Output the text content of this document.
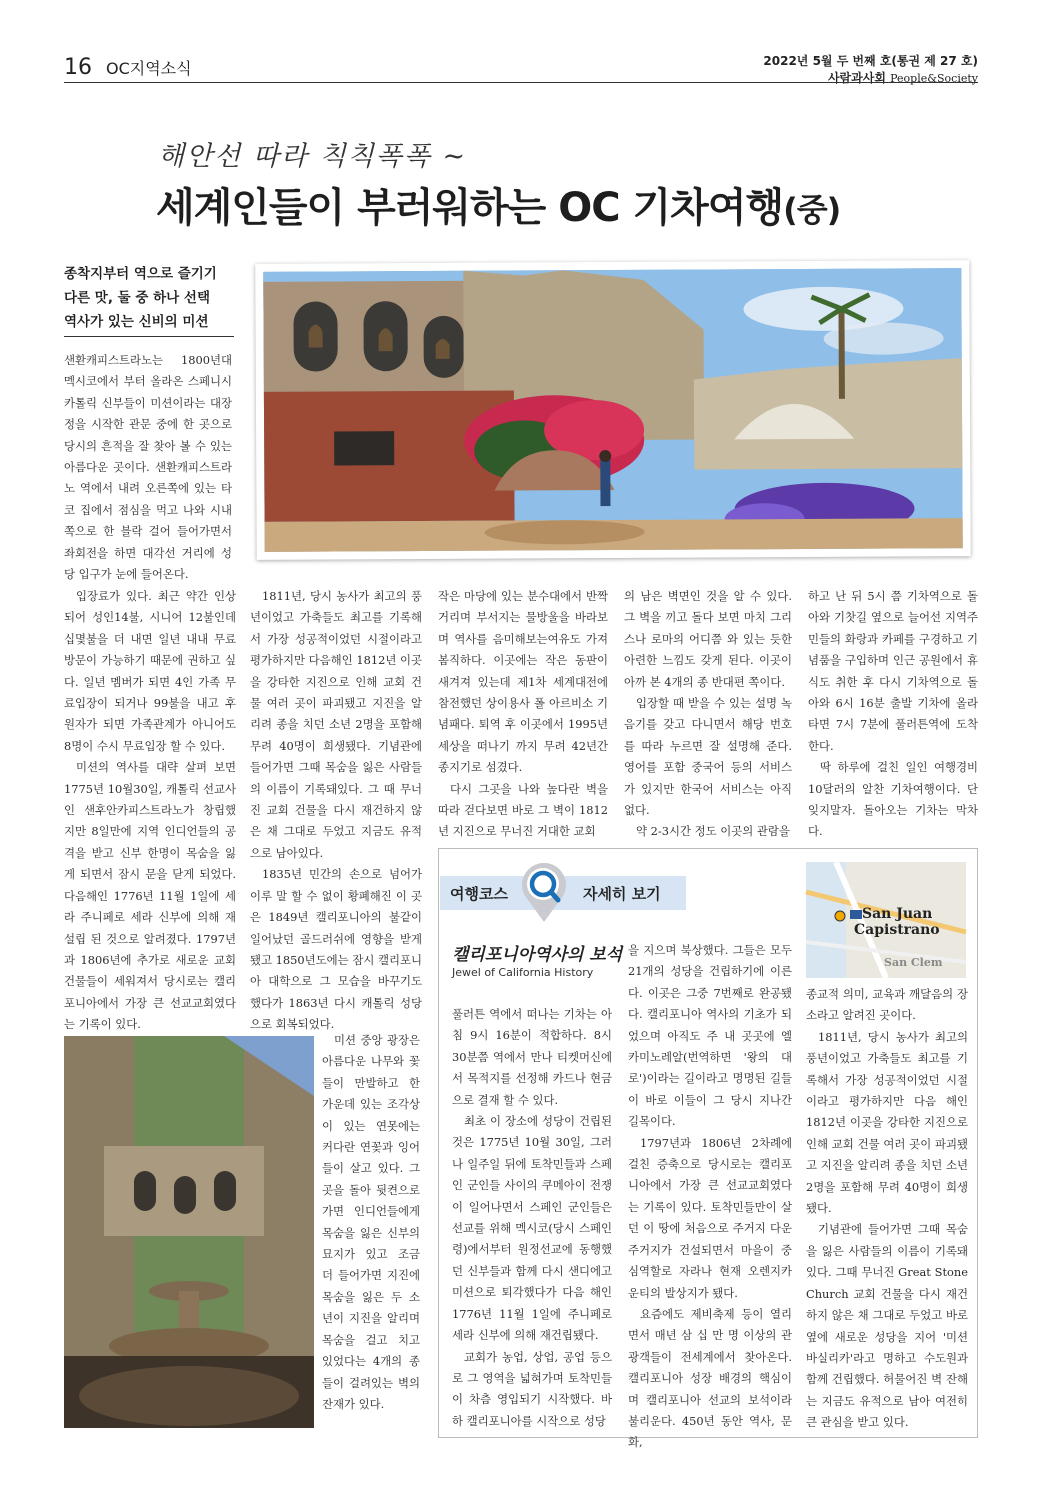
16 OC지역소식	2022년 5월 두 번째 호(통권 제 27 호)
사람과사회 People&Society
해안선 따라 칙칙폭폭 ~
세계인들이 부러워하는 OC 기차여행(중)
종착지부터 역으로 즐기기
다른 맛, 둘 중 하나 선택
역사가 있는 신비의 미션

샌환캐피스트라노는 1800년대 멕시코에서 부터 올라온 스페니시 카톨릭 신부들이 미션이라는 대장정을 시작한 관문 중에 한 곳으로 당시의 흔적을 잘 찾아 볼 수 있는 아름다운 곳이다. 샌환캐피스트라노 역에서 내려 오른쪽에 있는 타코 집에서 점심을 먹고 나와 시내쪽으로 한 블락 걸어 들어가면서 좌회전을 하면 대각선 거리에 성당 입구가 눈에 들어온다.

입장료가 있다. 최근 약간 인상되어 성인14불, 시니어 12불인데 십몇불을 더 내면 일년 내내 무료 방문이 가능하기 때문에 권하고 싶다. 일년 멤버가 되면 4인 가족 무료입장이 되거나 99불을 내고 후원자가 되면 가족관계가 아니어도 8명이 수시 무료입장 할 수 있다.

미션의 역사를 대략 살펴 보면 1775년 10월30일, 캐톨릭 선교사인 샌후안카피스트라노가 창립했지만 8일만에 지역 인디언들의 공격을 받고 신부 한명이 목숨을 잃게 되면서 잠시 문을 닫게 되었다. 다음해인 1776년 11월 1일에 세라 주니페로 세라 신부에 의해 재설립 된 것으로 알려졌다. 1797년과 1806년에 추가로 새로운 교회 건물들이 세워져서 당시로는 캘리포니아에서 가장 큰 선교교회였다는 기록이 있다.

1811년, 당시 농사가 최고의 풍년이었고 가축들도 최고를 기록해서 가장 성공적이었던 시절이라고 평가하지만 다음해인 1812년 이곳을 강타한 지진으로 인해 교회 건물 여러 곳이 파괴됐고 지진을 알리려 종을 치던 소년 2명을 포함해 무려 40명이 희생됐다. 기념관에 들어가면 그때 목숨을 잃은 사람들의 이름이 기록돼있다. 그 때 무너진 교회 건물을 다시 재건하지 않은 채 그대로 두었고 지금도 유적으로 남아있다.

1835년 민간의 손으로 넘어가 이루 말 할 수 없이 황폐해진 이 곳은 1849년 캘리포니아의 불같이 일어났던 골드러쉬에 영향을 받게 됐고 1850년도에는 잠시 캘리포니아 대학으로 그 모습을 바꾸기도 했다가 1863년 다시 캐톨릭 성당으로 회복되었다.

미션 중앙 광장은 아름다운 나무와 꽃들이 만발하고 한 가운데 있는 조각상이 있는 연못에는 커다란 연꽃과 잉어들이 살고 있다. 그곳을 돌아 뒷켠으로 가면 인디언들에게 목숨을 잃은 신부의 묘지가 있고 조금 더 들어가면 지진에 목숨을 잃은 두 소년이 지진을 알리며 목숨을 걸고 치고 있었다는 4개의 종들이 걸려있는 벽의 잔재가 있다.

작은 마당에 있는 분수대에서 반짝거리며 부서지는 물방울을 바라보며 역사를 음미해보는여유도 가져봄직하다. 이곳에는 작은 동판이 새겨져 있는데 제1차 세계대전에 참전했던 상이용사 폴 아르비소 기념패다. 퇴역 후 이곳에서 1995년 세상을 떠나기 까지 무려 42년간 종지기로 섬겼다.

다시 그곳을 나와 높다란 벽을 따라 걷다보면 바로 그 벽이 1812년 지진으로 무너진 거대한 교회

의 남은 벽면인 것을 알 수 있다. 그 벽을 끼고 돌다 보면 마치 그리스나 로마의 어디쯤 와 있는 듯한 아련한 느낌도 갖게 된다. 이곳이 아까 본 4개의 종 반대편 쪽이다.

입장할 때 받을 수 있는 설명 녹음기를 갖고 다니면서 해당 번호를 따라 누르면 잘 설명해 준다. 영어를 포함 중국어 등의 서비스가 있지만 한국어 서비스는 아직 없다.

약 2-3시간 정도 이곳의 관람을

하고 난 뒤 5시 쯤 기차역으로 돌아와 기찻길 옆으로 늘어선 지역주민들의 화랑과 카페를 구경하고 기념품을 구입하며 인근 공원에서 휴식도 취한 후 다시 기차역으로 돌아와 6시 16분 출발 기차에 올라타면 7시 7분에 풀러튼역에 도착한다.

딱 하루에 걸친 일인 여행경비 10달러의 알찬 기차여행이다. 단 잊지말자. 돌아오는 기차는 막차다.

여행코스	자세히 보기
San Juan
Capistrano
San Clem
캘리포니아역사의 보석
Jewel of California History

풀러튼 역에서 떠나는 기차는 아침 9시 16분이 적합하다. 8시 30분쯤 역에서 만나 티켓머신에서 목적지를 선정해 카드나 현금으로 결재 할 수 있다.

최초 이 장소에 성당이 건립된 것은 1775년 10월 30일, 그러나 일주일 뒤에 토착민들과 스페인 군인들 사이의 쿠메아이 전쟁이 일어나면서 스페인 군인들은 선교를 위해 멕시코(당시 스페인령)에서부터 원정선교에 동행했던 신부들과 함께 다시 샌디에고 미션으로 퇴각했다가 다음 해인 1776년 11월 1일에 주니페로 세라 신부에 의해 재건립됐다.

교회가 농업, 상업, 공업 등으로 그 영역을 넓혀가며 토착민들이 차츰 영입되기 시작했다. 바하 캘리포니아를 시작으로 성당

을 지으며 북상했다. 그들은 모두 21개의 성당을 건립하기에 이른다. 이곳은 그중 7번째로 완공됐다. 캘리포니아 역사의 기초가 되었으며 아직도 주 내 곳곳에 엘 카미노레알(번역하면 '왕의 대로')이라는 길이라고 명명된 길들이 바로 이들이 그 당시 지나간 길목이다.

1797년과 1806년 2차례에 걸친 증축으로 당시로는 캘리포니아에서 가장 큰 선교교회였다는 기록이 있다. 토착민들만이 살던 이 땅에 처음으로 주거지 다운 주거지가 건설되면서 마을이 중심역할로 자라나 현재 오렌지카운티의 발상지가 됐다.

요즘에도 제비축제 등이 열리면서 매년 삼 십 만 명 이상의 관광객들이 전세계에서 찾아온다. 캘리포니아 성장 배경의 핵심이며 캘리포니아 선교의 보석이라 불리운다. 450년 동안 역사, 문화,

종교적 의미, 교육과 깨달음의 장소라고 알려진 곳이다.

1811년, 당시 농사가 최고의 풍년이었고 가축들도 최고를 기록해서 가장 성공적이었던 시절이라고 평가하지만 다음 해인 1812년 이곳을 강타한 지진으로 인해 교회 건물 여러 곳이 파괴됐고 지진을 알리려 종을 치던 소년 2명을 포함해 무려 40명이 희생됐다.

기념관에 들어가면 그때 목숨을 잃은 사람들의 이름이 기록돼 있다. 그때 무너진 Great Stone Church 교회 건물을 다시 재건하지 않은 채 그대로 두었고 바로 옆에 새로운 성당을 지어 '미션 바실리카'라고 명하고 수도원과 함께 건립했다. 허물어진 벽 잔해는 지금도 유적으로 남아 여전히 큰 관심을 받고 있다.
